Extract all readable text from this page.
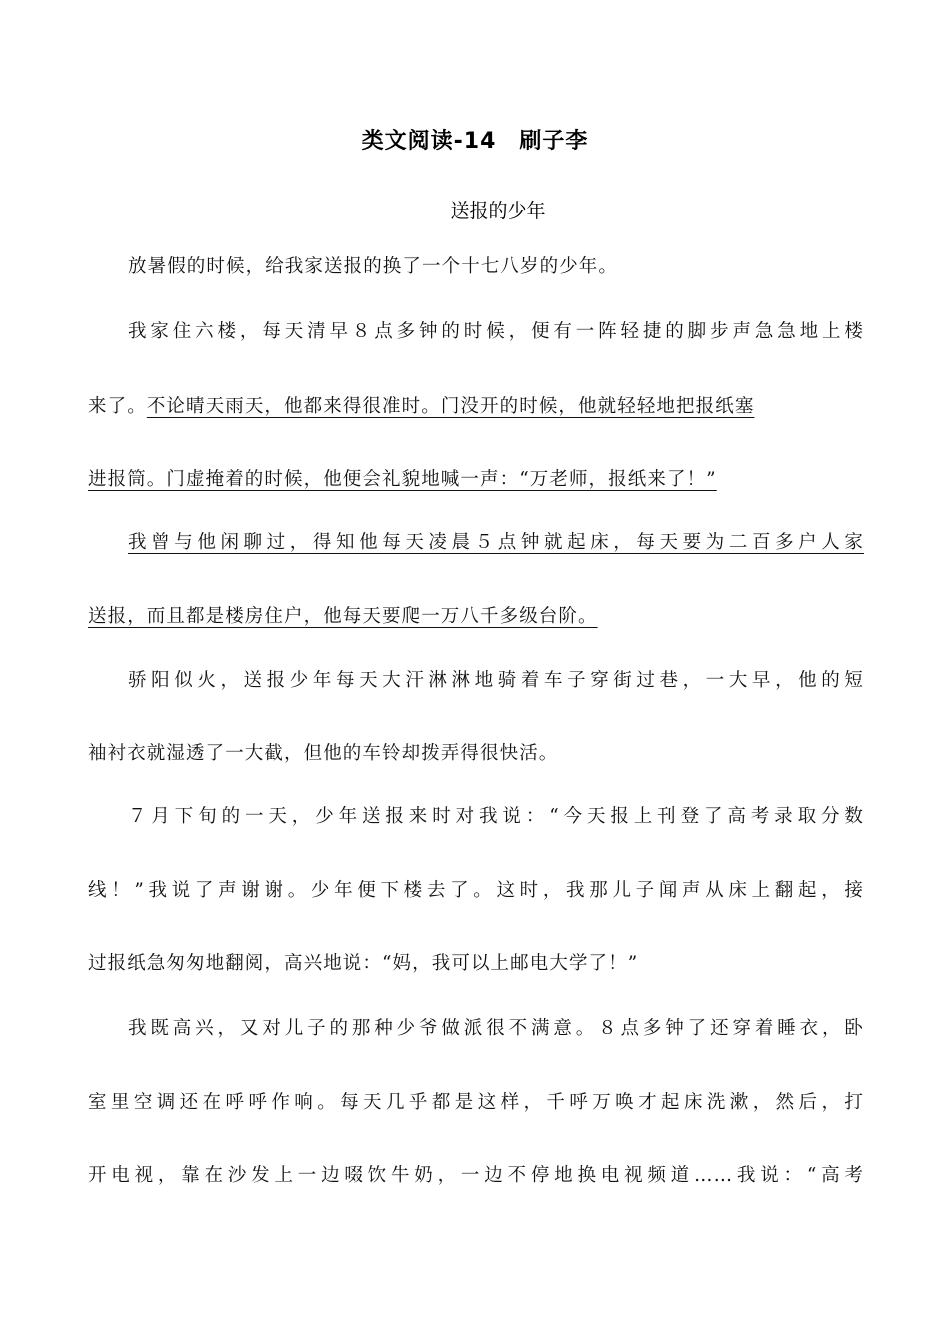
类文阅读-14　刷子李
送报的少年
放暑假的时候，给我家送报的换了一个十七八岁的少年。
我家住六楼，每天清早８点多钟的时候，便有一阵轻捷的脚步声急急地上楼
来了。不论晴天雨天，他都来得很准时。门没开的时候，他就轻轻地把报纸塞
进报筒。门虚掩着的时候，他便会礼貌地喊一声：“万老师，报纸来了！”
我曾与他闲聊过，得知他每天凌晨５点钟就起床，每天要为二百多户人家
送报，而且都是楼房住户，他每天要爬一万八千多级台阶。
骄阳似火，送报少年每天大汗淋淋地骑着车子穿街过巷，一大早，他的短
袖衬衣就湿透了一大截，但他的车铃却拨弄得很快活。
７月下旬的一天，少年送报来时对我说：“今天报上刊登了高考录取分数
线！”我说了声谢谢。少年便下楼去了。这时，我那儿子闻声从床上翻起，接
过报纸急匆匆地翻阅，高兴地说：“妈，我可以上邮电大学了！”
我既高兴，又对儿子的那种少爷做派很不满意。８点多钟了还穿着睡衣，卧
室里空调还在呼呼作响。每天几乎都是这样，千呼万唤才起床洗漱，然后，打
开电视，靠在沙发上一边啜饮牛奶，一边不停地换电视频道……我说：“高考
